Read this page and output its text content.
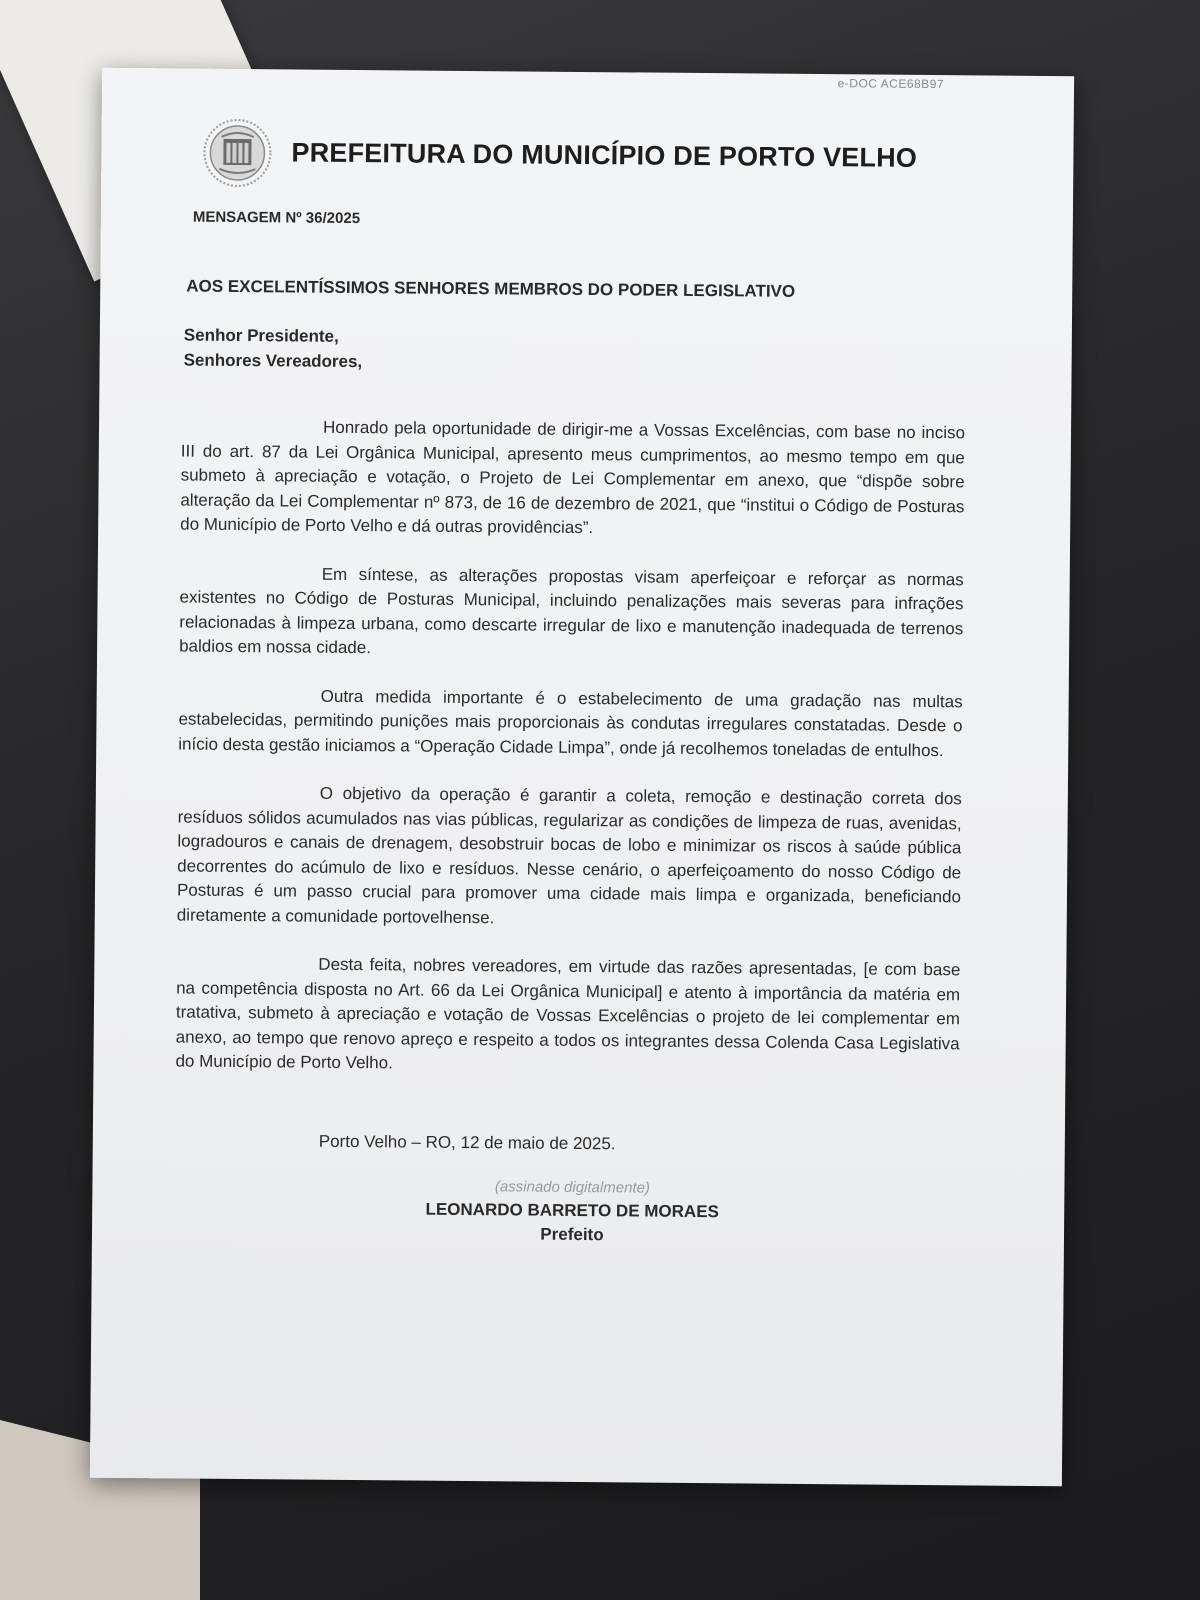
e-DOC ACE68B97
PREFEITURA DO MUNICÍPIO DE PORTO VELHO
MENSAGEM Nº 36/2025
AOS EXCELENTÍSSIMOS SENHORES MEMBROS DO PODER LEGISLATIVO
Senhor Presidente,
Senhores Vereadores,

Honrado pela oportunidade de dirigir-me a Vossas Excelências, com base no inciso III do art. 87 da Lei Orgânica Municipal, apresento meus cumprimentos, ao mesmo tempo em que submeto à apreciação e votação, o Projeto de Lei Complementar em anexo, que “dispõe sobre alteração da Lei Complementar nº 873, de 16 de dezembro de 2021, que “institui o Código de Posturas do Município de Porto Velho e dá outras providências”.

Em síntese, as alterações propostas visam aperfeiçoar e reforçar as normas existentes no Código de Posturas Municipal, incluindo penalizações mais severas para infrações relacionadas à limpeza urbana, como descarte irregular de lixo e manutenção inadequada de terrenos baldios em nossa cidade.

Outra medida importante é o estabelecimento de uma gradação nas multas estabelecidas, permitindo punições mais proporcionais às condutas irregulares constatadas. Desde o início desta gestão iniciamos a “Operação Cidade Limpa”, onde já recolhemos toneladas de entulhos.

O objetivo da operação é garantir a coleta, remoção e destinação correta dos resíduos sólidos acumulados nas vias públicas, regularizar as condições de limpeza de ruas, avenidas, logradouros e canais de drenagem, desobstruir bocas de lobo e minimizar os riscos à saúde pública decorrentes do acúmulo de lixo e resíduos. Nesse cenário, o aperfeiçoamento do nosso Código de Posturas é um passo crucial para promover uma cidade mais limpa e organizada, beneficiando diretamente a comunidade portovelhense.

Desta feita, nobres vereadores, em virtude das razões apresentadas, [e com base na competência disposta no Art. 66 da Lei Orgânica Municipal] e atento à importância da matéria em tratativa, submeto à apreciação e votação de Vossas Excelências o projeto de lei complementar em anexo, ao tempo que renovo apreço e respeito a todos os integrantes dessa Colenda Casa Legislativa do Município de Porto Velho.

Porto Velho – RO, 12 de maio de 2025.
(assinado digitalmente)
LEONARDO BARRETO DE MORAES
Prefeito
